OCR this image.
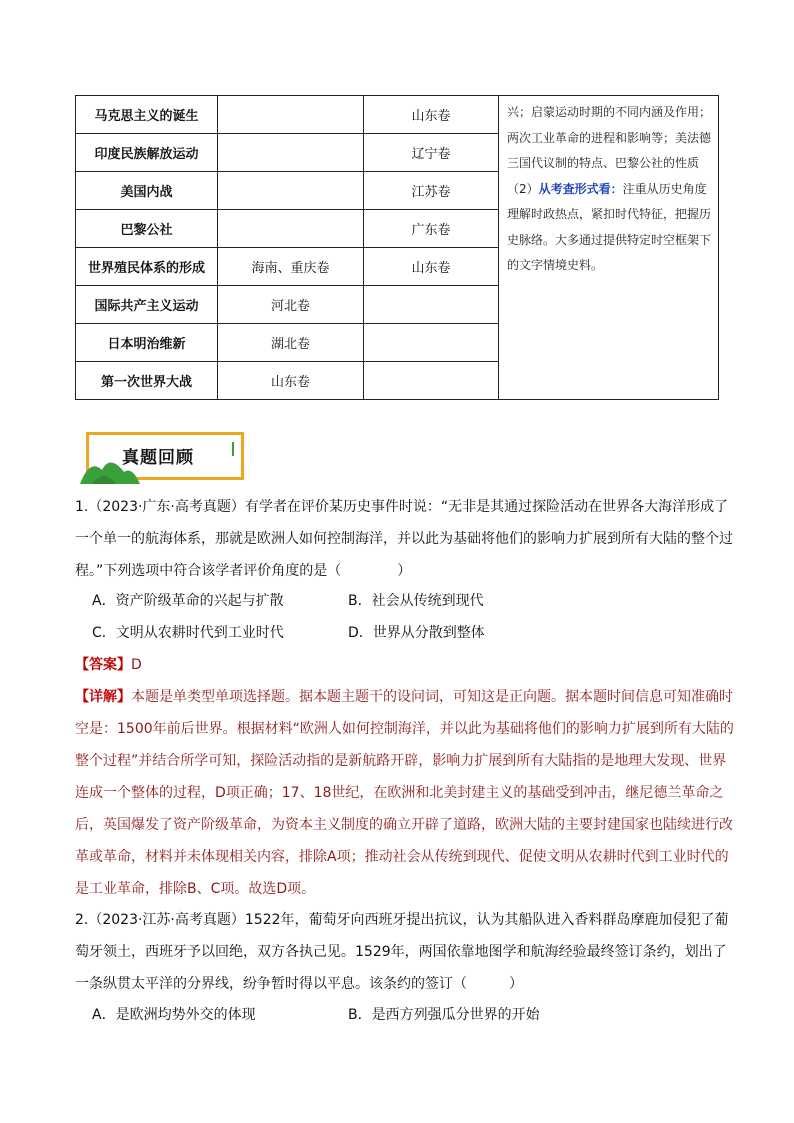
马克思主义的诞生		山东卷	兴；启蒙运动时期的不同内涵及作用；两次工业革命的进程和影响等；美法德三国代议制的特点、巴黎公社的性质
（2）从考查形式看：注重从历史角度理解时政热点，紧扣时代特征，把握历史脉络。大多通过提供特定时空框架下的文字情境史料。
印度民族解放运动		辽宁卷	
美国内战		江苏卷	
巴黎公社		广东卷	
世界殖民体系的形成	海南、重庆卷	山东卷	
国际共产主义运动	河北卷		
日本明治维新	湖北卷		
第一次世界大战	山东卷		
真题回顾
1.（2023·广东·高考真题）有学者在评价某历史事件时说：“无非是其通过探险活动在世界各大海洋形成了一个单一的航海体系，那就是欧洲人如何控制海洋，并以此为基础将他们的影响力扩展到所有大陆的整个过程。”下列选项中符合该学者评价角度的是（　　　　）
A．资产阶级革命的兴起与扩散	B．社会从传统到现代
C．文明从农耕时代到工业时代	D．世界从分散到整体
【答案】D
【详解】本题是单类型单项选择题。据本题主题干的设问词，可知这是正向题。据本题时间信息可知准确时空是：1500年前后世界。根据材料“欧洲人如何控制海洋，并以此为基础将他们的影响力扩展到所有大陆的整个过程”并结合所学可知，探险活动指的是新航路开辟，影响力扩展到所有大陆指的是地理大发现、世界连成一个整体的过程，D项正确；17、18世纪，在欧洲和北美封建主义的基础受到冲击，继尼德兰革命之后，英国爆发了资产阶级革命，为资本主义制度的确立开辟了道路，欧洲大陆的主要封建国家也陆续进行改革或革命，材料并未体现相关内容，排除A项；推动社会从传统到现代、促使文明从农耕时代到工业时代的是工业革命，排除B、C项。故选D项。
2.（2023·江苏·高考真题）1522年，葡萄牙向西班牙提出抗议，认为其船队进入香料群岛摩鹿加侵犯了葡萄牙领土，西班牙予以回绝，双方各执己见。1529年，两国依靠地图学和航海经验最终签订条约，划出了一条纵贯太平洋的分界线，纷争暂时得以平息。该条约的签订（　　　）
A．是欧洲均势外交的体现	B．是西方列强瓜分世界的开始
